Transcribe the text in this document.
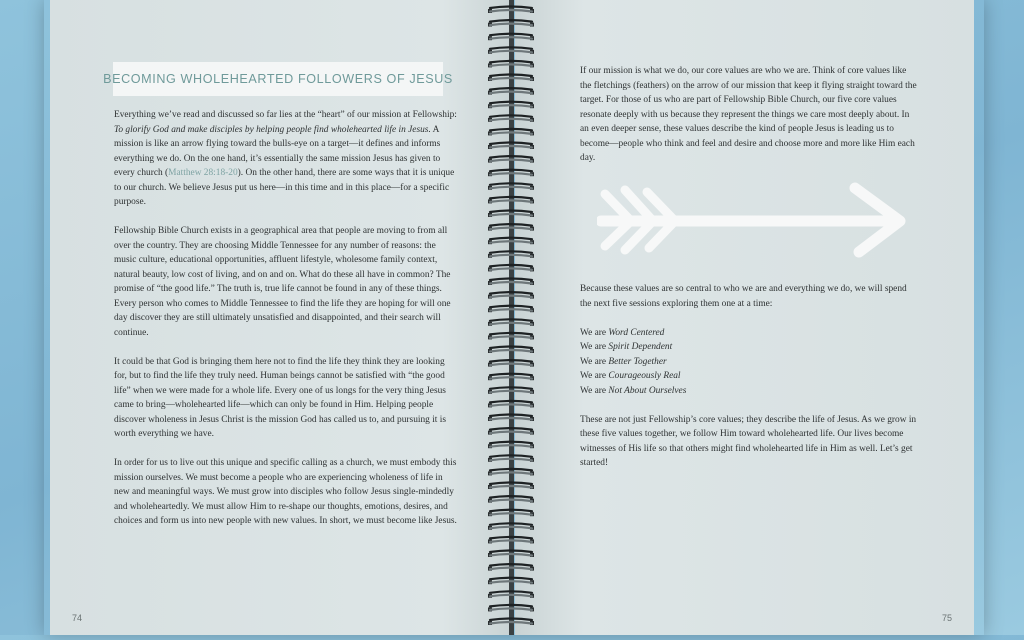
BECOMING WHOLEHEARTED FOLLOWERS OF JESUS

Everything we’ve read and discussed so far lies at the “heart” of our mission at Fellowship: To glorify God and make disciples by helping people find wholehearted life in Jesus. A mission is like an arrow flying toward the bulls-eye on a target—it defines and informs everything we do. On the one hand, it’s essentially the same mission Jesus has given to every church (Matthew 28:18-20). On the other hand, there are some ways that it is unique to our church. We believe Jesus put us here—in this time and in this place—for a specific purpose.

Fellowship Bible Church exists in a geographical area that people are moving to from all over the country. They are choosing Middle Tennessee for any number of reasons: the music culture, educational opportunities, affluent lifestyle, wholesome family context, natural beauty, low cost of living, and on and on. What do these all have in common? The promise of “the good life.” The truth is, true life cannot be found in any of these things. Every person who comes to Middle Tennessee to find the life they are hoping for will one day discover they are still ultimately unsatisfied and disappointed, and their search will continue.

It could be that God is bringing them here not to find the life they think they are looking for, but to find the life they truly need. Human beings cannot be satisfied with “the good life” when we were made for a whole life. Every one of us longs for the very thing Jesus came to bring—wholehearted life—which can only be found in Him. Helping people discover wholeness in Jesus Christ is the mission God has called us to, and pursuing it is worth everything we have.

In order for us to live out this unique and specific calling as a church, we must embody this mission ourselves. We must become a people who are experiencing wholeness of life in new and meaningful ways. We must grow into disciples who follow Jesus single-mindedly and wholeheartedly. We must allow Him to re-shape our thoughts, emotions, desires, and choices and form us into new people with new values. In short, we must become like Jesus.

74

If our mission is what we do, our core values are who we are. Think of core values like the fletchings (feathers) on the arrow of our mission that keep it flying straight toward the target. For those of us who are part of Fellowship Bible Church, our five core values resonate deeply with us because they represent the things we care most deeply about. In an even deeper sense, these values describe the kind of people Jesus is leading us to become—people who think and feel and desire and choose more and more like Him each day.

Because these values are so central to who we are and everything we do, we will spend the next five sessions exploring them one at a time:

We are Word Centered
We are Spirit Dependent
We are Better Together
We are Courageously Real
We are Not About Ourselves

These are not just Fellowship’s core values; they describe the life of Jesus. As we grow in these five values together, we follow Him toward wholehearted life. Our lives become witnesses of His life so that others might find wholehearted life in Him as well. Let’s get started!

75
